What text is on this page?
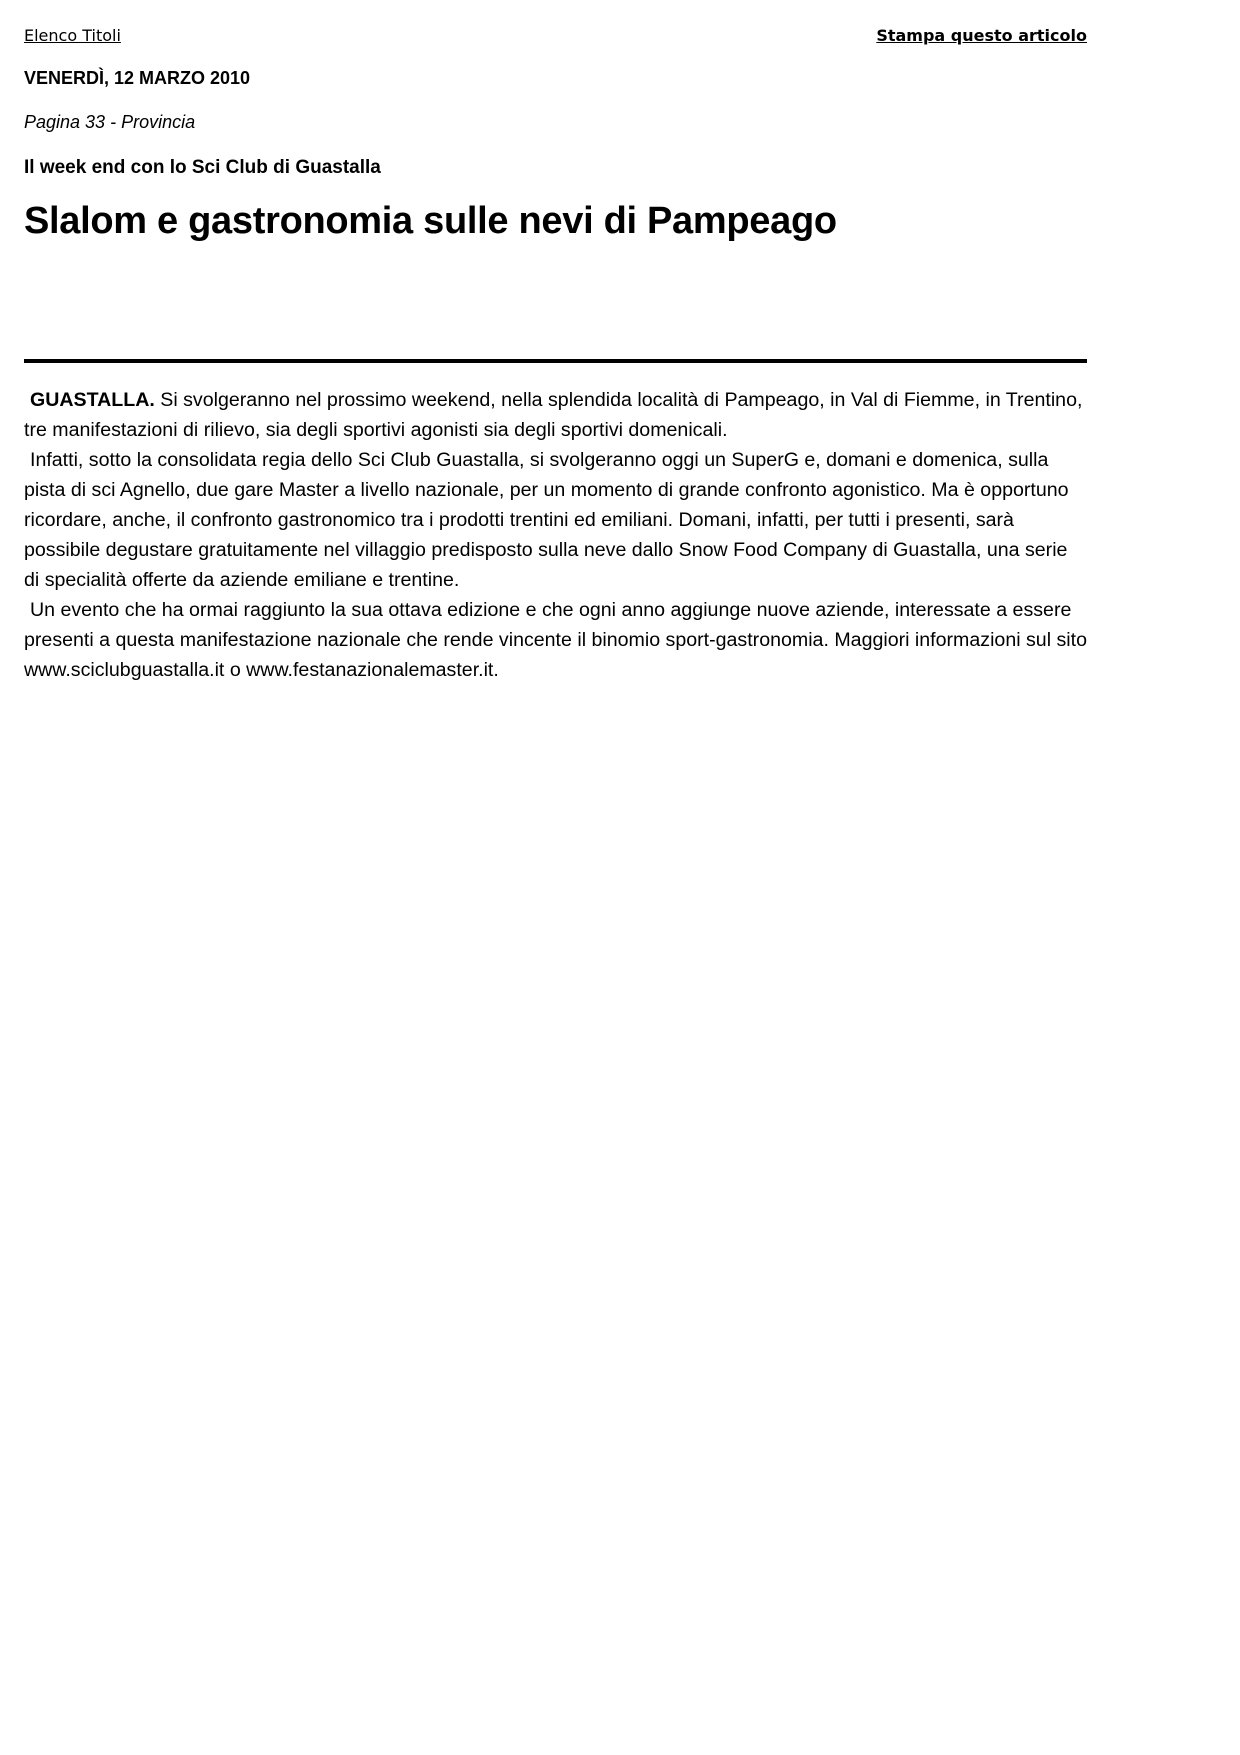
Elenco Titoli	Stampa questo articolo
VENERDÌ, 12 MARZO 2010
Pagina 33 - Provincia
Il week end con lo Sci Club di Guastalla
Slalom e gastronomia sulle nevi di Pampeago

GUASTALLA. Si svolgeranno nel prossimo weekend, nella splendida località di Pampeago, in Val di Fiemme, in Trentino, tre manifestazioni di rilievo, sia degli sportivi agonisti sia degli sportivi domenicali.

Infatti, sotto la consolidata regia dello Sci Club Guastalla, si svolgeranno oggi un SuperG e, domani e domenica, sulla pista di sci Agnello, due gare Master a livello nazionale, per un momento di grande confronto agonistico. Ma è opportuno ricordare, anche, il confronto gastronomico tra i prodotti trentini ed emiliani. Domani, infatti, per tutti i presenti, sarà possibile degustare gratuitamente nel villaggio predisposto sulla neve dallo Snow Food Company di Guastalla, una serie di specialità offerte da aziende emiliane e trentine.

Un evento che ha ormai raggiunto la sua ottava edizione e che ogni anno aggiunge nuove aziende, interessate a essere presenti a questa manifestazione nazionale che rende vincente il binomio sport-gastronomia. Maggiori informazioni sul sito www.sciclubguastalla.it o www.festanazionalemaster.it.
